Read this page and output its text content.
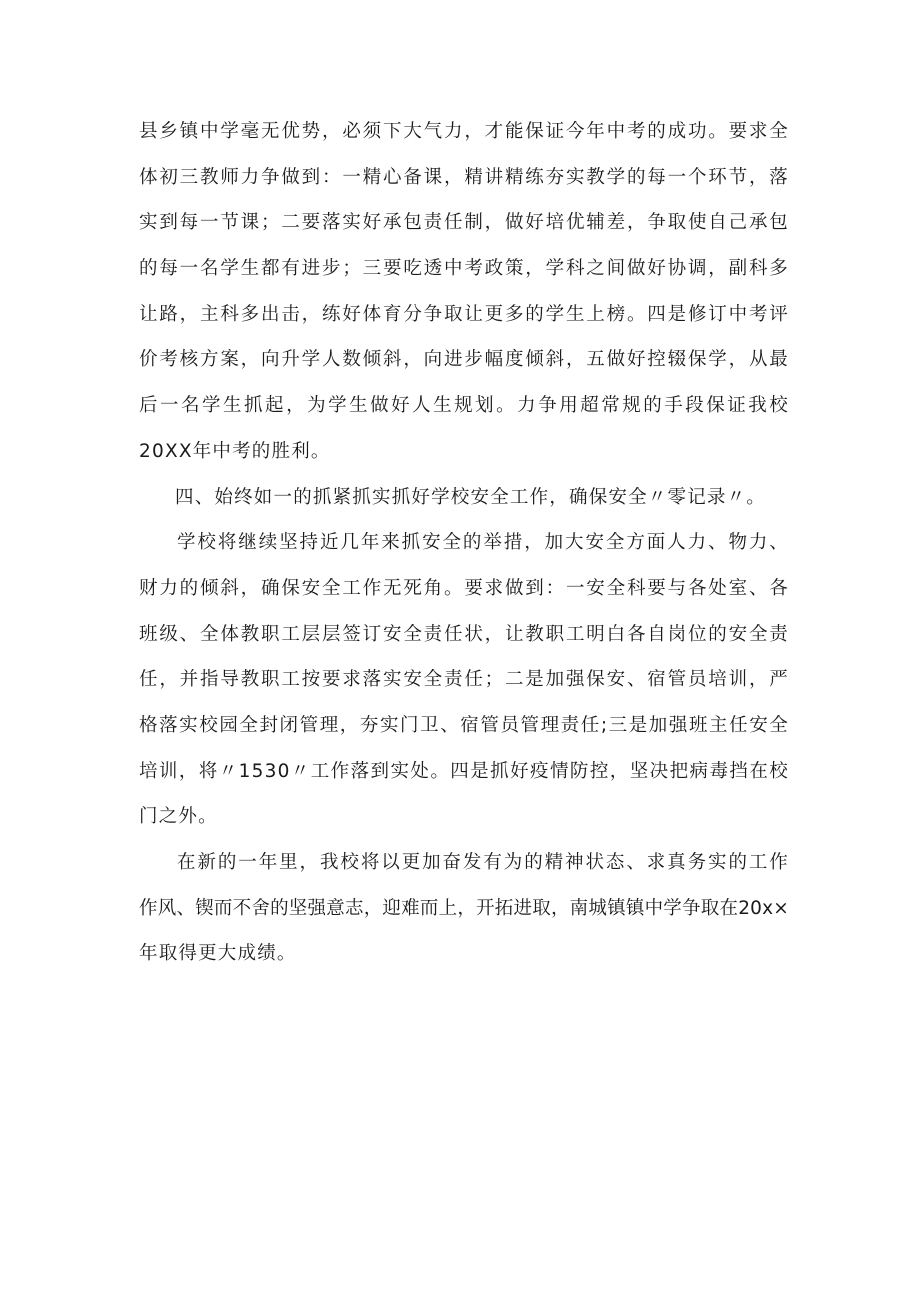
县乡镇中学毫无优势，必须下大气力，才能保证今年中考的成功。要求全
体初三教师力争做到：一精心备课，精讲精练夯实教学的每一个环节，落
实到每一节课；二要落实好承包责任制，做好培优辅差，争取使自己承包
的每一名学生都有进步；三要吃透中考政策，学科之间做好协调，副科多
让路，主科多出击，练好体育分争取让更多的学生上榜。四是修订中考评
价考核方案，向升学人数倾斜，向进步幅度倾斜，五做好控辍保学，从最
后一名学生抓起，为学生做好人生规划。力争用超常规的手段保证我校
20XX年中考的胜利。
四、始终如一的抓紧抓实抓好学校安全工作，确保安全〃零记录〃。
学校将继续坚持近几年来抓安全的举措，加大安全方面人力、物力、
财力的倾斜，确保安全工作无死角。要求做到：一安全科要与各处室、各
班级、全体教职工层层签订安全责任状，让教职工明白各自岗位的安全责
任，并指导教职工按要求落实安全责任；二是加强保安、宿管员培训，严
格落实校园全封闭管理，夯实门卫、宿管员管理责任;三是加强班主任安全
培训，将〃1530〃工作落到实处。四是抓好疫情防控，坚决把病毒挡在校
门之外。
在新的一年里，我校将以更加奋发有为的精神状态、求真务实的工作
作风、锲而不舍的坚强意志，迎难而上，开拓进取，南城镇镇中学争取在20x×
年取得更大成绩。
